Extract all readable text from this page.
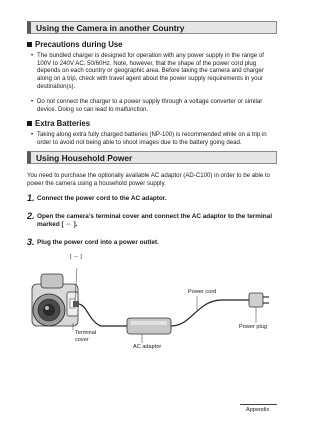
Using the Camera in another Country
Precautions during Use
• The bundled charger is designed for operation with any power supply in the range of 100V to 240V AC, 50/60Hz. Note, however, that the shape of the power cord plug depends on each country or geographic area. Before taking the camera and charger along on a trip, check with travel agent about the power supply requirements in your destination(s).
• Do not connect the charger to a power supply through a voltage converter or similar device. Doing so can lead to malfunction.
Extra Batteries
• Taking along extra fully charged batteries (NP-100) is recommended while on a trip in order to avoid not being able to shoot images due to the battery going dead.
Using Household Power
You need to purchase the optionally available AC adaptor (AD-C100) in order to be able to power the camera using a household power supply.
1. Connect the power cord to the AC adaptor.
2. Open the camera’s terminal cover and connect the AC adaptor to the terminal marked [ ⇔ ].
3. Plug the power cord into a power outlet.
[ ⇔ ]
Terminal
cover
AC adaptor
Power cord
Power plug
Appendix
